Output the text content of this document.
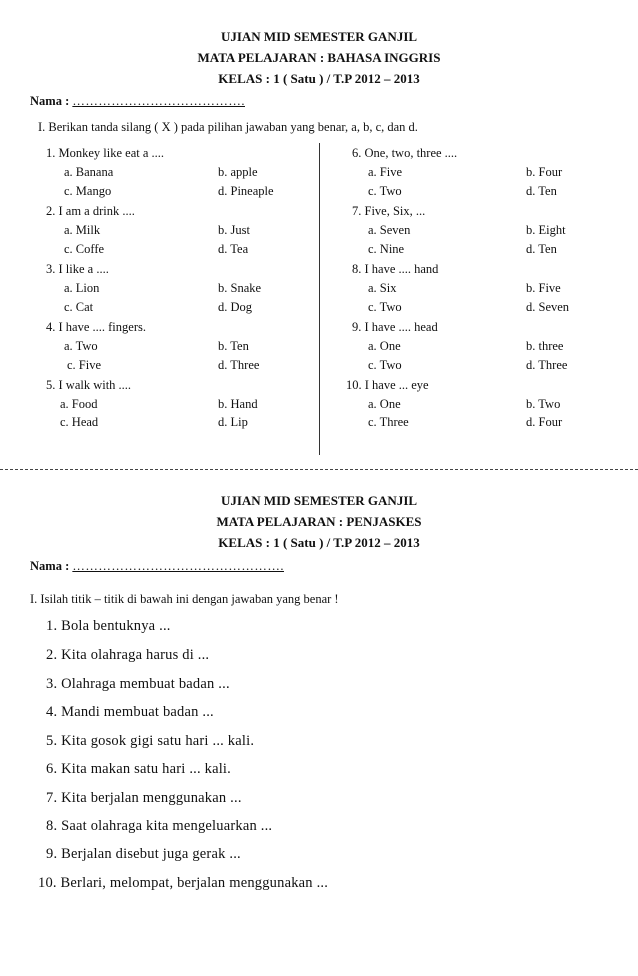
UJIAN MID SEMESTER GANJIL
MATA PELAJARAN : BAHASA INGGRIS
KELAS : 1 ( Satu ) / T.P 2012 – 2013
Nama : ………………………………….
I. Berikan tanda silang ( X ) pada pilihan jawaban yang benar, a, b, c, dan d.
1. Monkey like eat a ....
a. Banana	b. apple
c. Mango	d. Pineaple
2. I am a drink ....
a. Milk	b. Just
c. Coffe	d. Tea
3. I like a ....
a. Lion	b. Snake
c. Cat	d. Dog
4. I have .... fingers.
a. Two	b. Ten
c. Five	d. Three
5. I walk with ....
a. Food	b. Hand
c. Head	d. Lip
6. One, two, three ....
a. Five	b. Four
c. Two	d. Ten
7. Five, Six, ...
a. Seven	b. Eight
c. Nine	d. Ten
8. I have .... hand
a. Six	b. Five
c. Two	d. Seven
9. I have .... head
a. One	b. three
c. Two	d. Three
10. I have ... eye
a. One	b. Two
c. Three	d. Four
UJIAN MID SEMESTER GANJIL
MATA PELAJARAN : PENJASKES
KELAS : 1 ( Satu ) / T.P 2012 – 2013
Nama : ………………………………………….
I. Isilah titik – titik di bawah ini dengan jawaban yang benar !
1. Bola bentuknya ...
2. Kita olahraga harus di ...
3. Olahraga membuat badan ...
4. Mandi membuat badan ...
5. Kita gosok gigi satu hari ... kali.
6. Kita makan satu hari ... kali.
7. Kita berjalan menggunakan ...
8. Saat olahraga kita mengeluarkan ...
9. Berjalan disebut juga gerak ...
10. Berlari, melompat, berjalan menggunakan ...
